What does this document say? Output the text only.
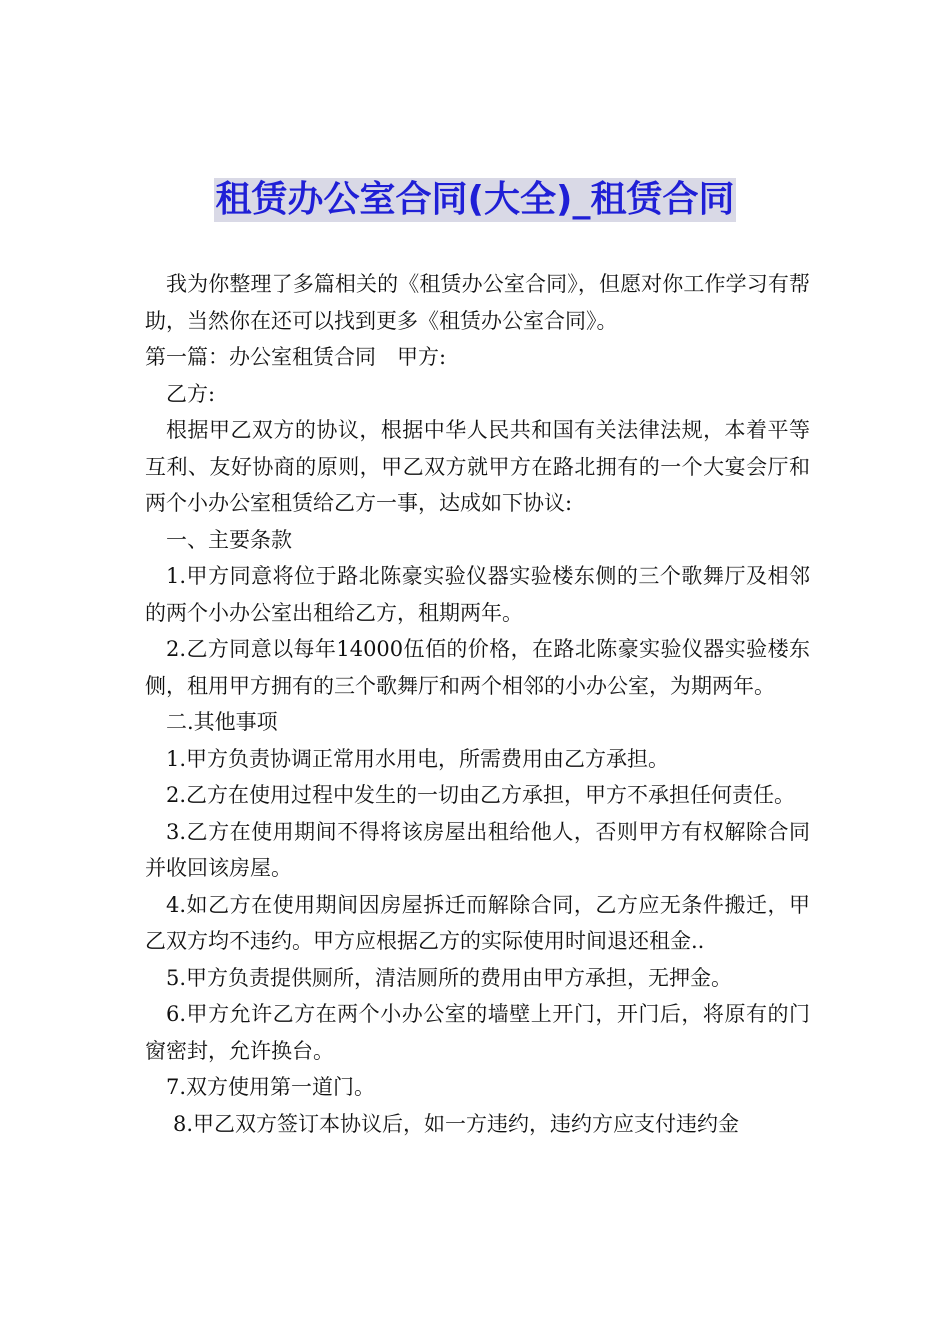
租赁办公室合同(大全)_租赁合同

我为你整理了多篇相关的《租赁办公室合同》，但愿对你工作学习有帮助，当然你在还可以找到更多《租赁办公室合同》。

第一篇：办公室租赁合同　甲方:

乙方:

根据甲乙双方的协议，根据中华人民共和国有关法律法规，本着平等互利、友好协商的原则，甲乙双方就甲方在路北拥有的一个大宴会厅和两个小办公室租赁给乙方一事，达成如下协议:

一、主要条款

1.甲方同意将位于路北陈豪实验仪器实验楼东侧的三个歌舞厅及相邻的两个小办公室出租给乙方，租期两年。

2.乙方同意以每年14000伍佰的价格，在路北陈豪实验仪器实验楼东侧，租用甲方拥有的三个歌舞厅和两个相邻的小办公室，为期两年。

二.其他事项

1.甲方负责协调正常用水用电，所需费用由乙方承担。

2.乙方在使用过程中发生的一切由乙方承担，甲方不承担任何责任。

3.乙方在使用期间不得将该房屋出租给他人，否则甲方有权解除合同并收回该房屋。

4.如乙方在使用期间因房屋拆迁而解除合同，乙方应无条件搬迁，甲乙双方均不违约。甲方应根据乙方的实际使用时间退还租金..

5.甲方负责提供厕所，清洁厕所的费用由甲方承担，无押金。

6.甲方允许乙方在两个小办公室的墙壁上开门，开门后，将原有的门窗密封，允许换台。

7.双方使用第一道门。

8.甲乙双方签订本协议后，如一方违约，违约方应支付违约金
